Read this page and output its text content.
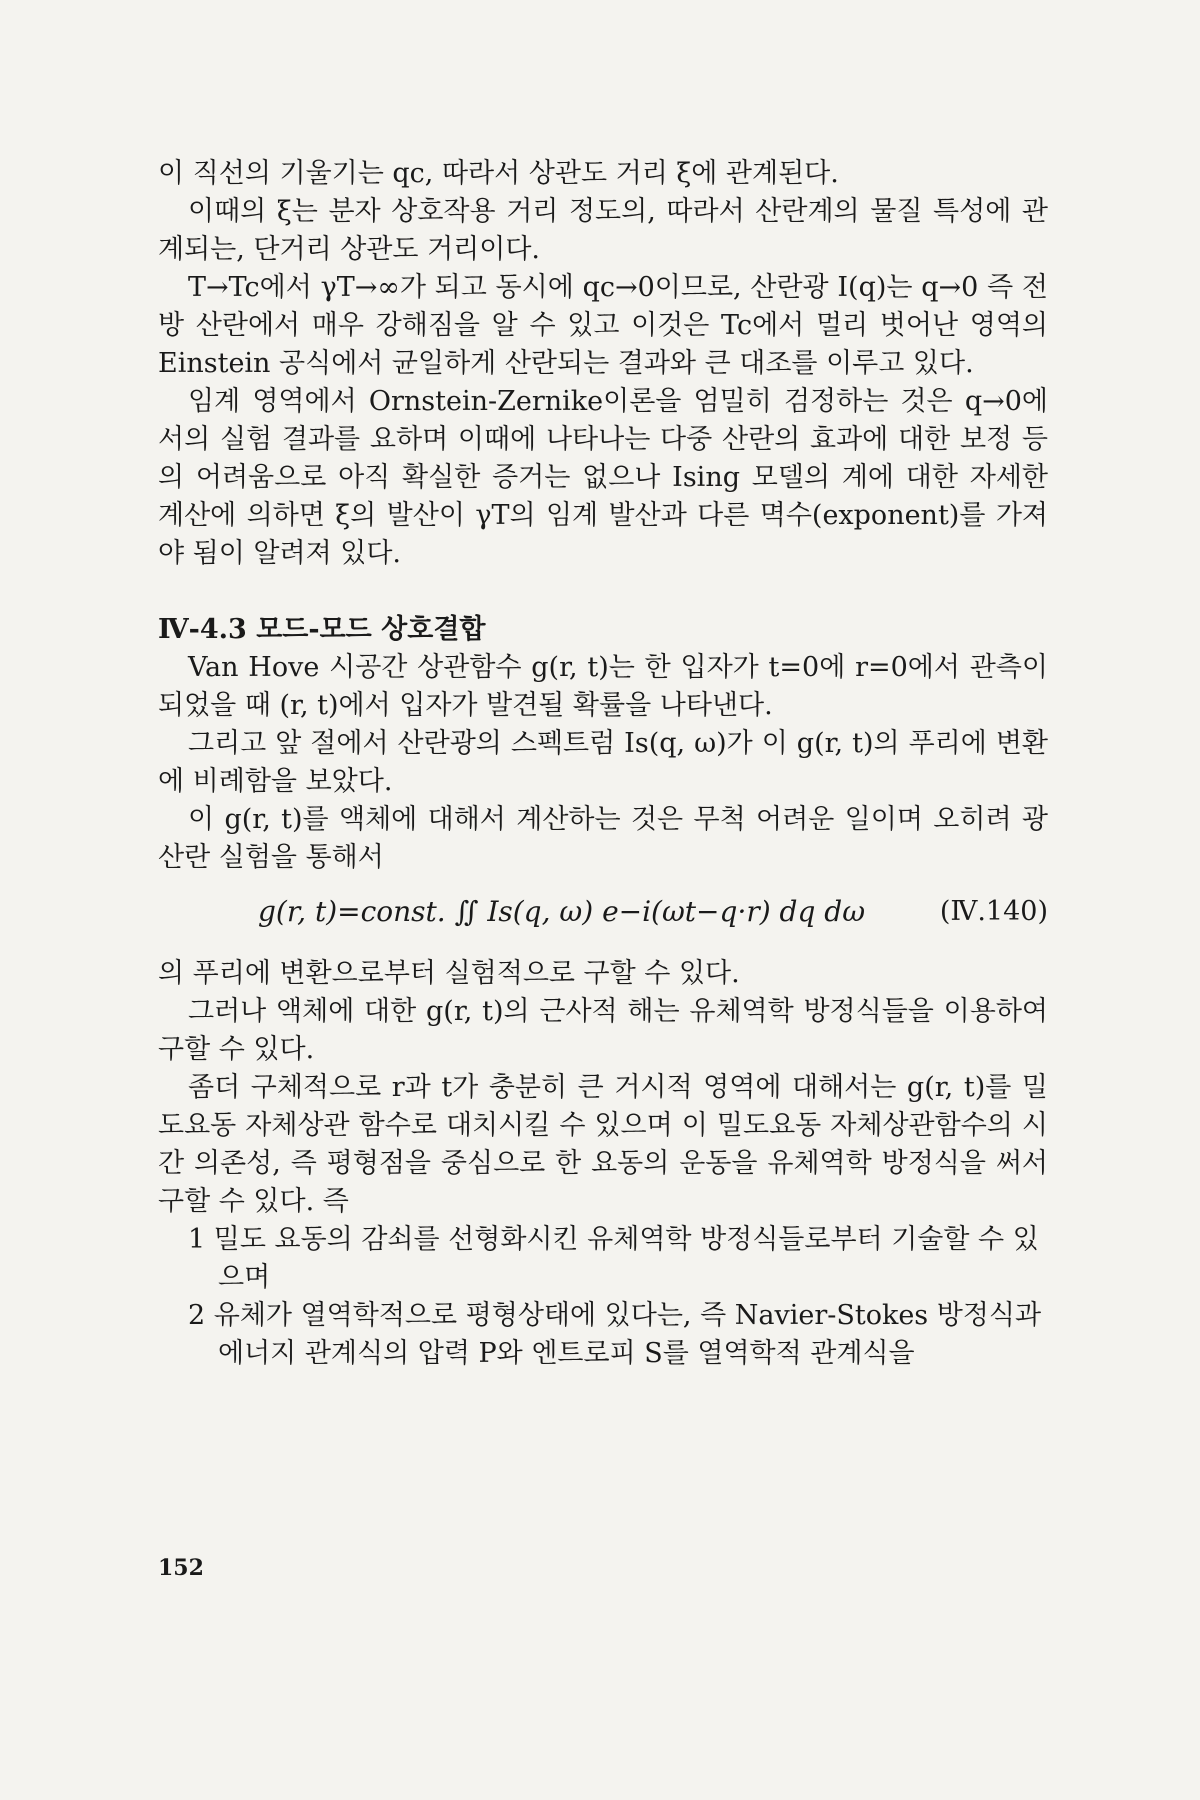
이 직선의 기울기는 qc, 따라서 상관도 거리 ξ에 관계된다.

이때의 ξ는 분자 상호작용 거리 정도의, 따라서 산란계의 물질 특성에 관계되는, 단거리 상관도 거리이다.

T→Tc에서 γT→∞가 되고 동시에 qc→0이므로, 산란광 I(q)는 q→0 즉 전방 산란에서 매우 강해짐을 알 수 있고 이것은 Tc에서 멀리 벗어난 영역의 Einstein 공식에서 균일하게 산란되는 결과와 큰 대조를 이루고 있다.

임계 영역에서 Ornstein-Zernike이론을 엄밀히 검정하는 것은 q→0에서의 실험 결과를 요하며 이때에 나타나는 다중 산란의 효과에 대한 보정 등의 어려움으로 아직 확실한 증거는 없으나 Ising 모델의 계에 대한 자세한 계산에 의하면 ξ의 발산이 γT의 임계 발산과 다른 멱수(exponent)를 가져야 됨이 알려져 있다.

Ⅳ-4.3 모드-모드 상호결합

Van Hove 시공간 상관함수 g(r, t)는 한 입자가 t=0에 r=0에서 관측이 되었을 때 (r, t)에서 입자가 발견될 확률을 나타낸다.

그리고 앞 절에서 산란광의 스펙트럼 Is(q, ω)가 이 g(r, t)의 푸리에 변환에 비례함을 보았다.

이 g(r, t)를 액체에 대해서 계산하는 것은 무척 어려운 일이며 오히려 광산란 실험을 통해서

g(r, t)=const. ∬ Is(q, ω) e−i(ωt−q·r) dq dω	(Ⅳ.140)

의 푸리에 변환으로부터 실험적으로 구할 수 있다.

그러나 액체에 대한 g(r, t)의 근사적 해는 유체역학 방정식들을 이용하여 구할 수 있다.

좀더 구체적으로 r과 t가 충분히 큰 거시적 영역에 대해서는 g(r, t)를 밀도요동 자체상관 함수로 대치시킬 수 있으며 이 밀도요동 자체상관함수의 시간 의존성, 즉 평형점을 중심으로 한 요동의 운동을 유체역학 방정식을 써서 구할 수 있다. 즉

1 밀도 요동의 감쇠를 선형화시킨 유체역학 방정식들로부터 기술할 수 있으며

2 유체가 열역학적으로 평형상태에 있다는, 즉 Navier-Stokes 방정식과 에너지 관계식의 압력 P와 엔트로피 S를 열역학적 관계식을

152
